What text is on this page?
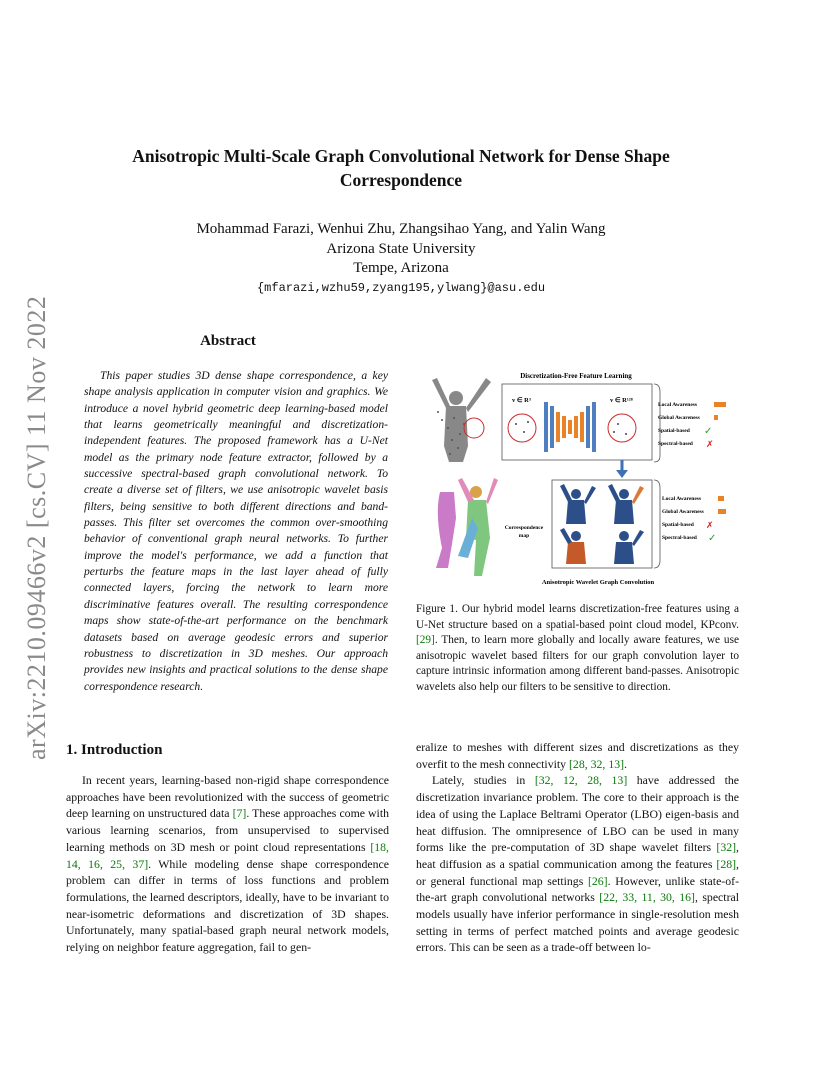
arXiv:2210.09466v2 [cs.CV] 11 Nov 2022
Anisotropic Multi-Scale Graph Convolutional Network for Dense Shape Correspondence
Mohammad Farazi, Wenhui Zhu, Zhangsihao Yang, and Yalin Wang
Arizona State University
Tempe, Arizona
{mfarazi,wzhu59,zyang195,ylwang}@asu.edu
Abstract

This paper studies 3D dense shape correspondence, a key shape analysis application in computer vision and graphics. We introduce a novel hybrid geometric deep learning-based model that learns geometrically meaningful and discretization-independent features. The proposed framework has a U-Net model as the primary node feature extractor, followed by a successive spectral-based graph convolutional network. To create a diverse set of filters, we use anisotropic wavelet basis filters, being sensitive to both different directions and band-passes. This filter set overcomes the common over-smoothing behavior of conventional graph neural networks. To further improve the model's performance, we add a function that perturbs the feature maps in the last layer ahead of fully connected layers, forcing the network to learn more discriminative features overall. The resulting correspondence maps show state-of-the-art performance on the benchmark datasets based on average geodesic errors and superior robustness to discretization in 3D meshes. Our approach provides new insights and practical solutions to the dense shape correspondence research.

Discretization-Free Feature Learning
v ∈ R³	v ∈ R¹²⁸
Local Awareness
Global Awareness
Spatial-based ✓
Spectral-based ✗
Correspondence
map
Local Awareness
Global Awareness
Spatial-based ✗
Spectral-based ✓
Anisotropic Wavelet Graph Convolution

Figure 1. Our hybrid model learns discretization-free features using a U-Net structure based on a spatial-based point cloud model, KPconv. [29]. Then, to learn more globally and locally aware features, we use anisotropic wavelet based filters for our graph convolution layer to capture intrinsic information among different band-passes. Anisotropic wavelets also help our filters to be sensitive to direction.

1. Introduction

In recent years, learning-based non-rigid shape correspondence approaches have been revolutionized with the success of geometric deep learning on unstructured data [7]. These approaches come with various learning scenarios, from unsupervised to supervised learning methods on 3D mesh or point cloud representations [18, 14, 16, 25, 37]. While modeling dense shape correspondence problem can differ in terms of loss functions and problem formulations, the learned descriptors, ideally, have to be invariant to near-isometric deformations and discretization of 3D shapes. Unfortunately, many spatial-based graph neural network models, relying on neighbor feature aggregation, fail to gen-

eralize to meshes with different sizes and discretizations as they overfit to the mesh connectivity [28, 32, 13].

Lately, studies in [32, 12, 28, 13] have addressed the discretization invariance problem. The core to their approach is the idea of using the Laplace Beltrami Operator (LBO) eigen-basis and heat diffusion. The omnipresence of LBO can be used in many forms like the pre-computation of 3D shape wavelet filters [32], heat diffusion as a spatial communication among the features [28], or general functional map settings [26]. However, unlike state-of-the-art graph convolutional networks [22, 33, 11, 30, 16], spectral models usually have inferior performance in single-resolution mesh setting in terms of perfect matched points and average geodesic errors. This can be seen as a trade-off between lo-
